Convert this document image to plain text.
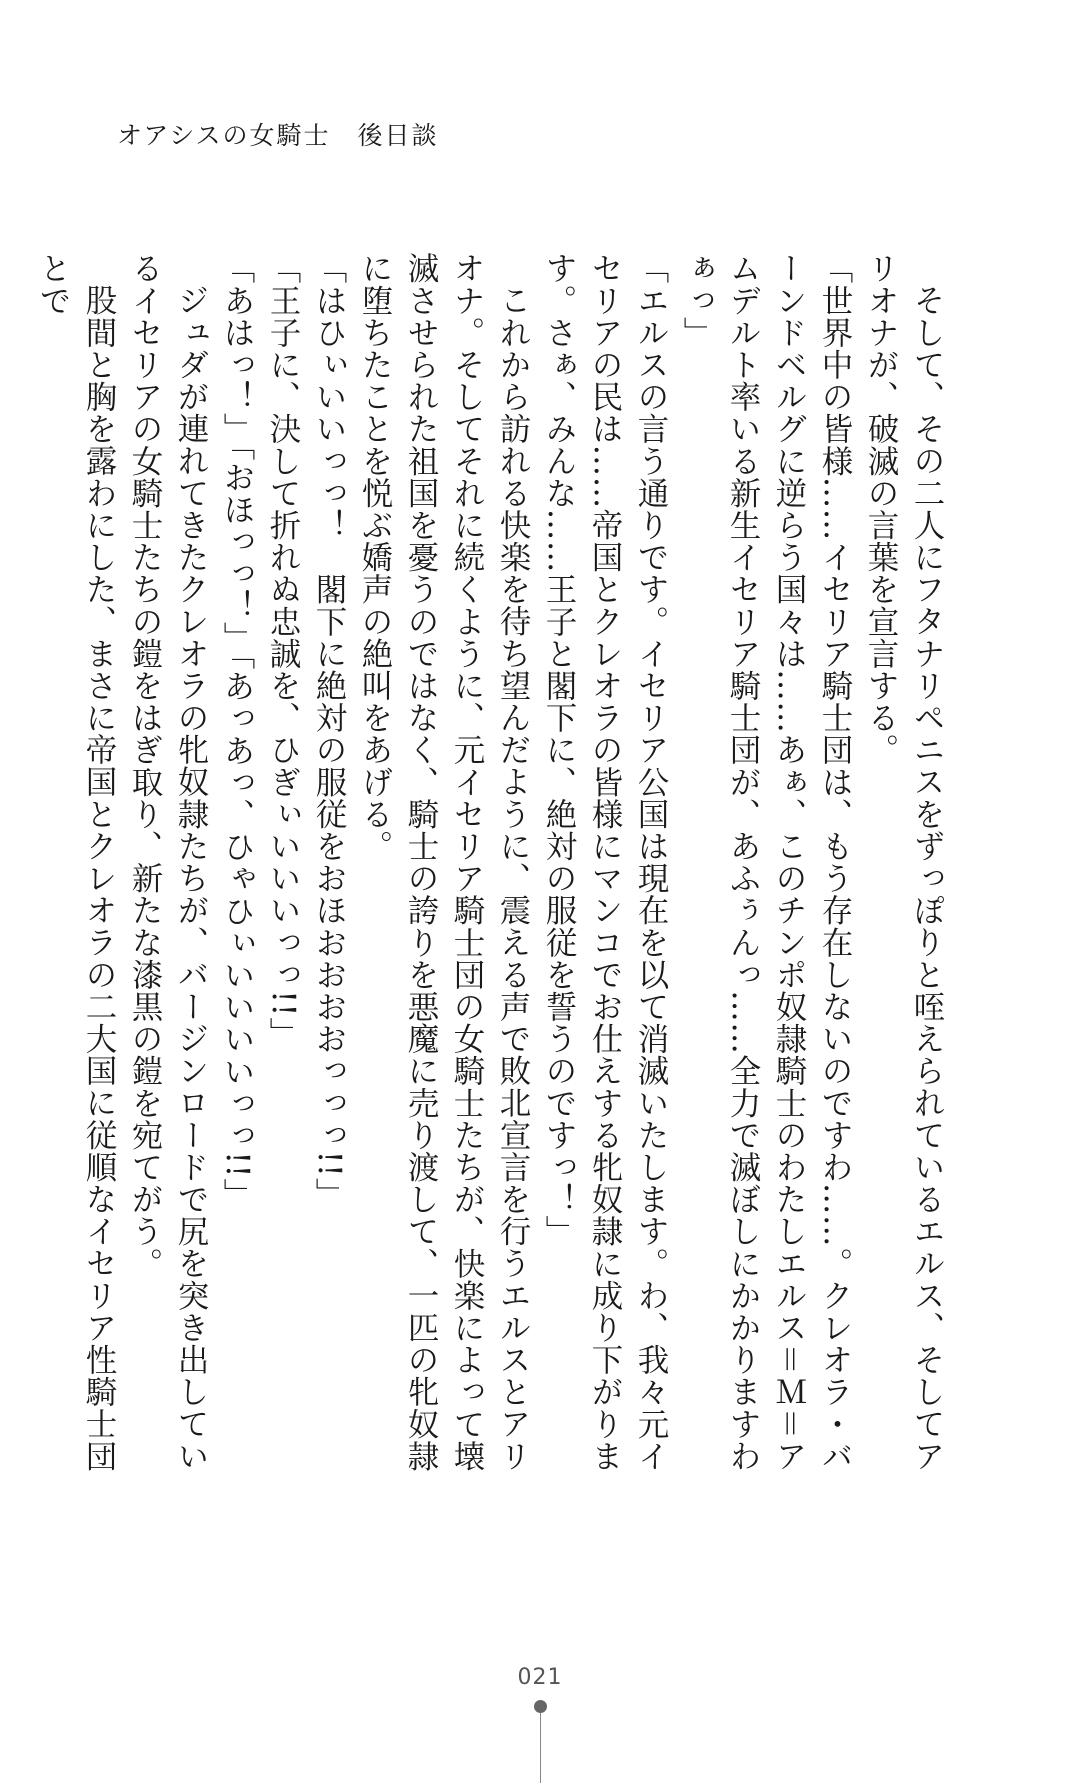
オアシスの女騎士　後日談

そして、その二人にフタナリペニスをずっぽりと咥えられているエルス、そしてアリオナが、破滅の言葉を宣言する。

「世界中の皆様……イセリア騎士団は、もう存在しないのですわ……。クレオラ・バーンドベルグに逆らう国々は……あぁ、このチンポ奴隷騎士のわたしエルス＝Ｍ＝アムデルト率いる新生イセリア騎士団が、あふぅんっ……全力で滅ぼしにかかりますわぁっ」

「エルスの言う通りです。イセリア公国は現在を以て消滅いたします。わ、我々元イセリアの民は……帝国とクレオラの皆様にマンコでお仕えする牝奴隷に成り下がります。さぁ、みんな……王子と閣下に、絶対の服従を誓うのですっ！」

これから訪れる快楽を待ち望んだように、震える声で敗北宣言を行うエルスとアリオナ。そしてそれに続くように、元イセリア騎士団の女騎士たちが、快楽によって壊滅させられた祖国を憂うのではなく、騎士の誇りを悪魔に売り渡して、一匹の牝奴隷に堕ちたことを悦ぶ嬌声の絶叫をあげる。

「はひぃいいっっ！　閣下に絶対の服従をおほおおおおっっっ!!」

「王子に、決して折れぬ忠誠を、ひぎぃいいいっっ!!」

「あはっ！」「おほっっ！」「あっあっ、ひゃひぃいいいいっっ!!」

ジュダが連れてきたクレオラの牝奴隷たちが、バージンロードで尻を突き出しているイセリアの女騎士たちの鎧をはぎ取り、新たな漆黒の鎧を宛てがう。

股間と胸を露わにした、まさに帝国とクレオラの二大国に従順なイセリア性騎士団とで

021
